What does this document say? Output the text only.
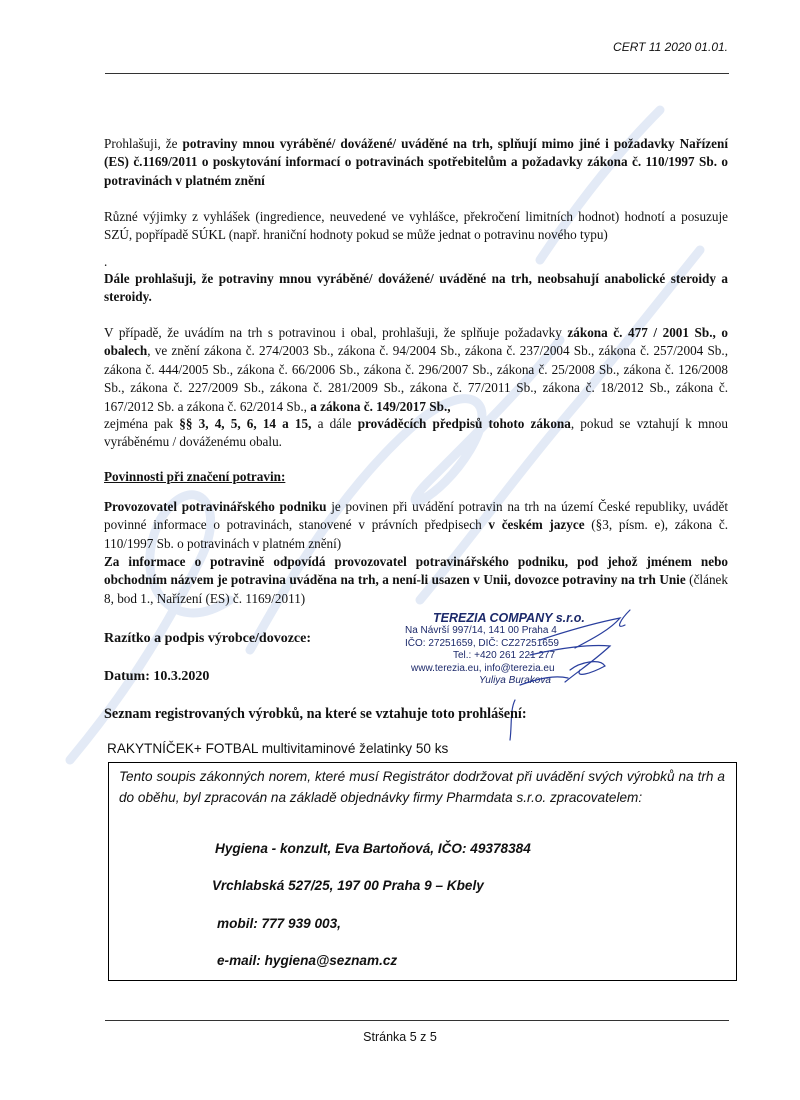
CERT 11 2020 01.01.
Prohlašuji, že potraviny mnou vyráběné/ dovážené/ uváděné na trh, splňují mimo jiné i požadavky Nařízení (ES) č.1169/2011 o poskytování informací o potravinách spotřebitelům a požadavky zákona č. 110/1997 Sb. o potravinách v platném znění
Různé výjimky z vyhlášek (ingredience, neuvedené ve vyhlášce, překročení limitních hodnot) hodnotí a posuzuje SZÚ, popřípadě SÚKL (např. hraniční hodnoty pokud se může jednat o potravinu nového typu)
.
Dále prohlašuji, že potraviny mnou vyráběné/ dovážené/ uváděné na trh, neobsahují anabolické steroidy a steroidy.
V případě, že uvádím na trh s potravinou i obal, prohlašuji, že splňuje požadavky zákona č. 477 / 2001 Sb., o obalech, ve znění zákona č. 274/2003 Sb., zákona č. 94/2004 Sb., zákona č. 237/2004 Sb., zákona č. 257/2004 Sb., zákona č. 444/2005 Sb., zákona č. 66/2006 Sb., zákona č. 296/2007 Sb., zákona č. 25/2008 Sb., zákona č. 126/2008 Sb., zákona č. 227/2009 Sb., zákona č. 281/2009 Sb., zákona č. 77/2011 Sb., zákona č. 18/2012 Sb., zákona č. 167/2012 Sb. a zákona č. 62/2014 Sb., a zákona č. 149/2017 Sb.,
zejména pak §§ 3, 4, 5, 6, 14 a 15, a dále prováděcích předpisů tohoto zákona, pokud se vztahují k mnou vyráběnému / dováženému obalu.
Povinnosti při značení potravin:
Provozovatel potravinářského podniku je povinen při uvádění potravin na trh na území České republiky, uvádět povinné informace o potravinách, stanovené v právních předpisech v českém jazyce (§3, písm. e), zákona č. 110/1997 Sb. o potravinách v platném znění)
Za informace o potravině odpovídá provozovatel potravinářského podniku, pod jehož jménem nebo obchodním názvem je potravina uváděna na trh, a není-li usazen v Unii, dovozce potraviny na trh Unie (článek 8, bod 1., Nařízení (ES) č. 1169/2011)
Razítko a podpis výrobce/dovozce:
Datum: 10.3.2020
TEREZIA COMPANY s.r.o.
Na Návrší 997/14, 141 00 Praha 4
IČO: 27251659, DIČ: CZ27251659
Tel.: +420 261 221 277
www.terezia.eu, info@terezia.eu
Yuliya Burakova
Seznam registrovaných výrobků, na které se vztahuje toto prohlášení:
RAKYTNÍČEK+ FOTBAL multivitaminové želatinky 50 ks
Tento soupis zákonných norem, které musí Registrátor dodržovat při uvádění svých výrobků na trh a do oběhu, byl zpracován na základě objednávky firmy Pharmdata s.r.o. zpracovatelem:
Hygiena - konzult, Eva Bartoňová, IČO: 49378384
Vrchlabská 527/25, 197 00 Praha 9 – Kbely
mobil: 777 939 003,
e-mail: hygiena@seznam.cz
Stránka 5 z 5
